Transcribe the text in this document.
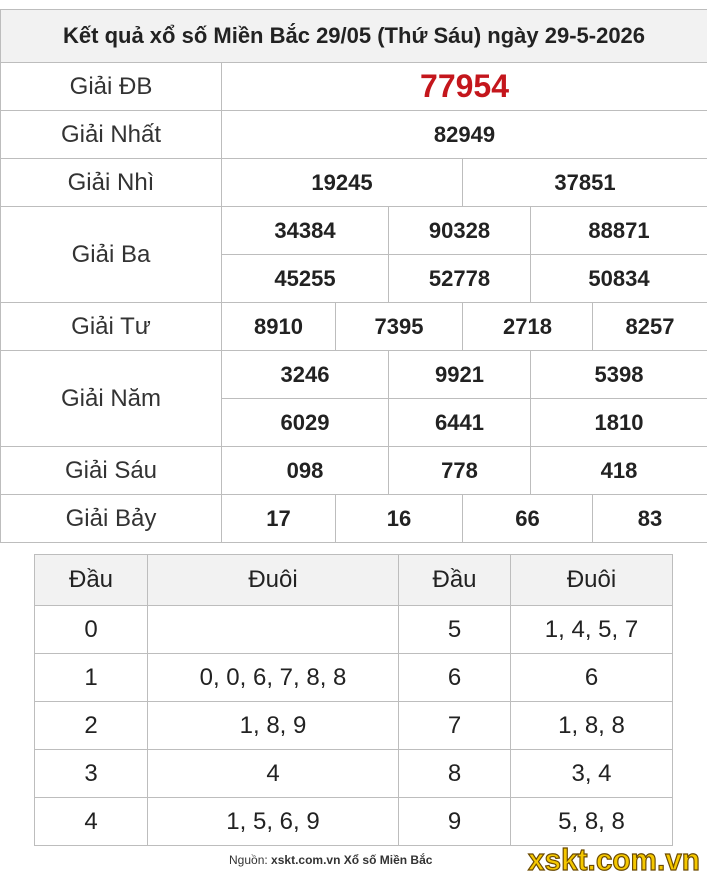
Kết quả xổ số Miền Bắc 29/05 (Thứ Sáu) ngày 29-5-2026						
Giải ĐB	77954					
Giải Nhất	82949					
Giải Nhì	19245			37851		
Giải Ba	34384		90328		88871	
	45255		52778		50834	
Giải Tư	8910	7395		2718		8257
Giải Năm	3246		9921		5398	
	6029		6441		1810	
Giải Sáu	098		778		418	
Giải Bảy	17	16		66		83
Đầu	Đuôi	Đầu	Đuôi
0		5	1, 4, 5, 7
1	0, 0, 6, 7, 8, 8	6	6
2	1, 8, 9	7	1, 8, 8
3	4	8	3, 4
4	1, 5, 6, 9	9	5, 8, 8
Nguồn: xskt.com.vn Xổ số Miền Bắc	xskt.com.vn
